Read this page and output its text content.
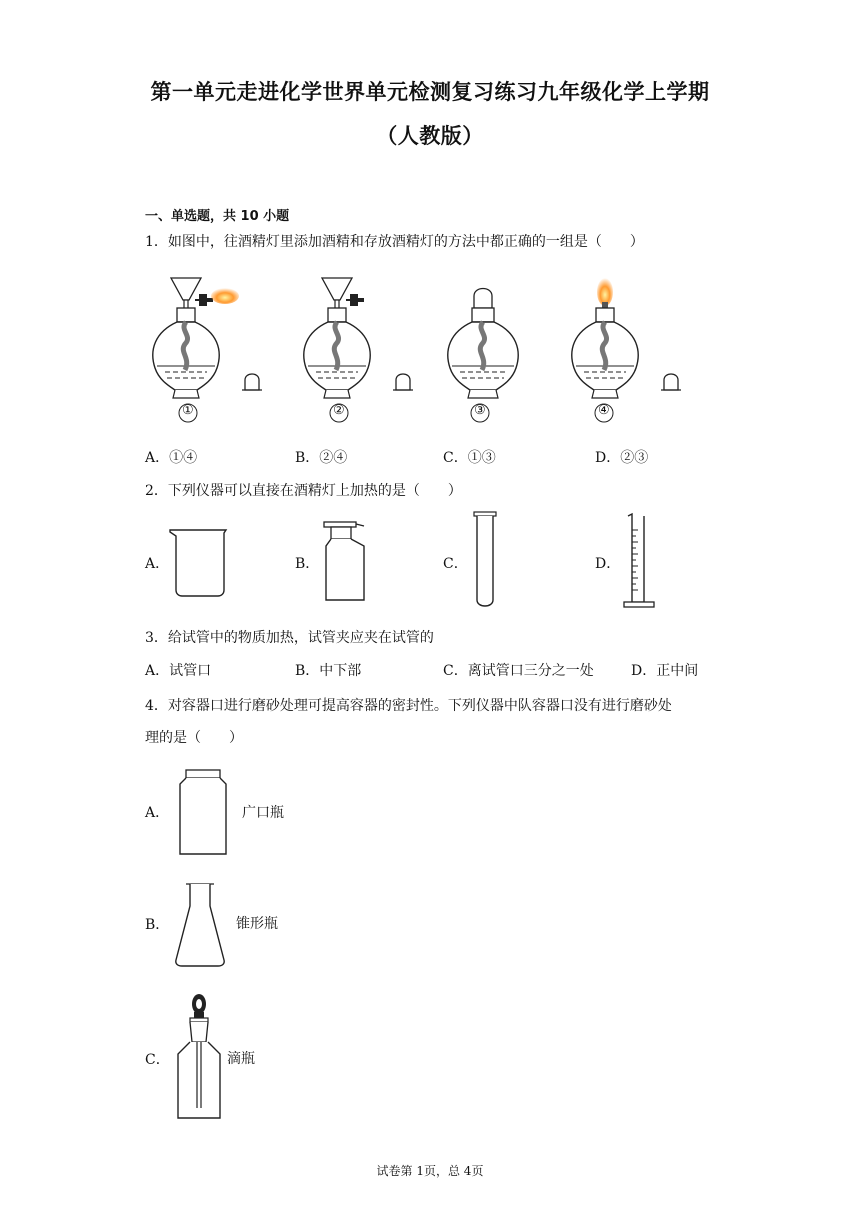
第一单元走进化学世界单元检测复习练习九年级化学上学期
（人教版）
一、单选题，共 10 小题
1．如图中，往酒精灯里添加酒精和存放酒精灯的方法中都正确的一组是（　　）
①	②	③	④
A．①④	B．②④	C．①③	D．②③
2．下列仪器可以直接在酒精灯上加热的是（　　）
A．	B．	C．	D．
3．给试管中的物质加热，试管夹应夹在试管的
A．试管口	B．中下部	C．离试管口三分之一处	D．正中间
4．对容器口进行磨砂处理可提高容器的密封性。下列仪器中队容器口没有进行磨砂处
理的是（　　）
A．	广口瓶
B．	锥形瓶
C．	滴瓶
试卷第 1页，总 4页
